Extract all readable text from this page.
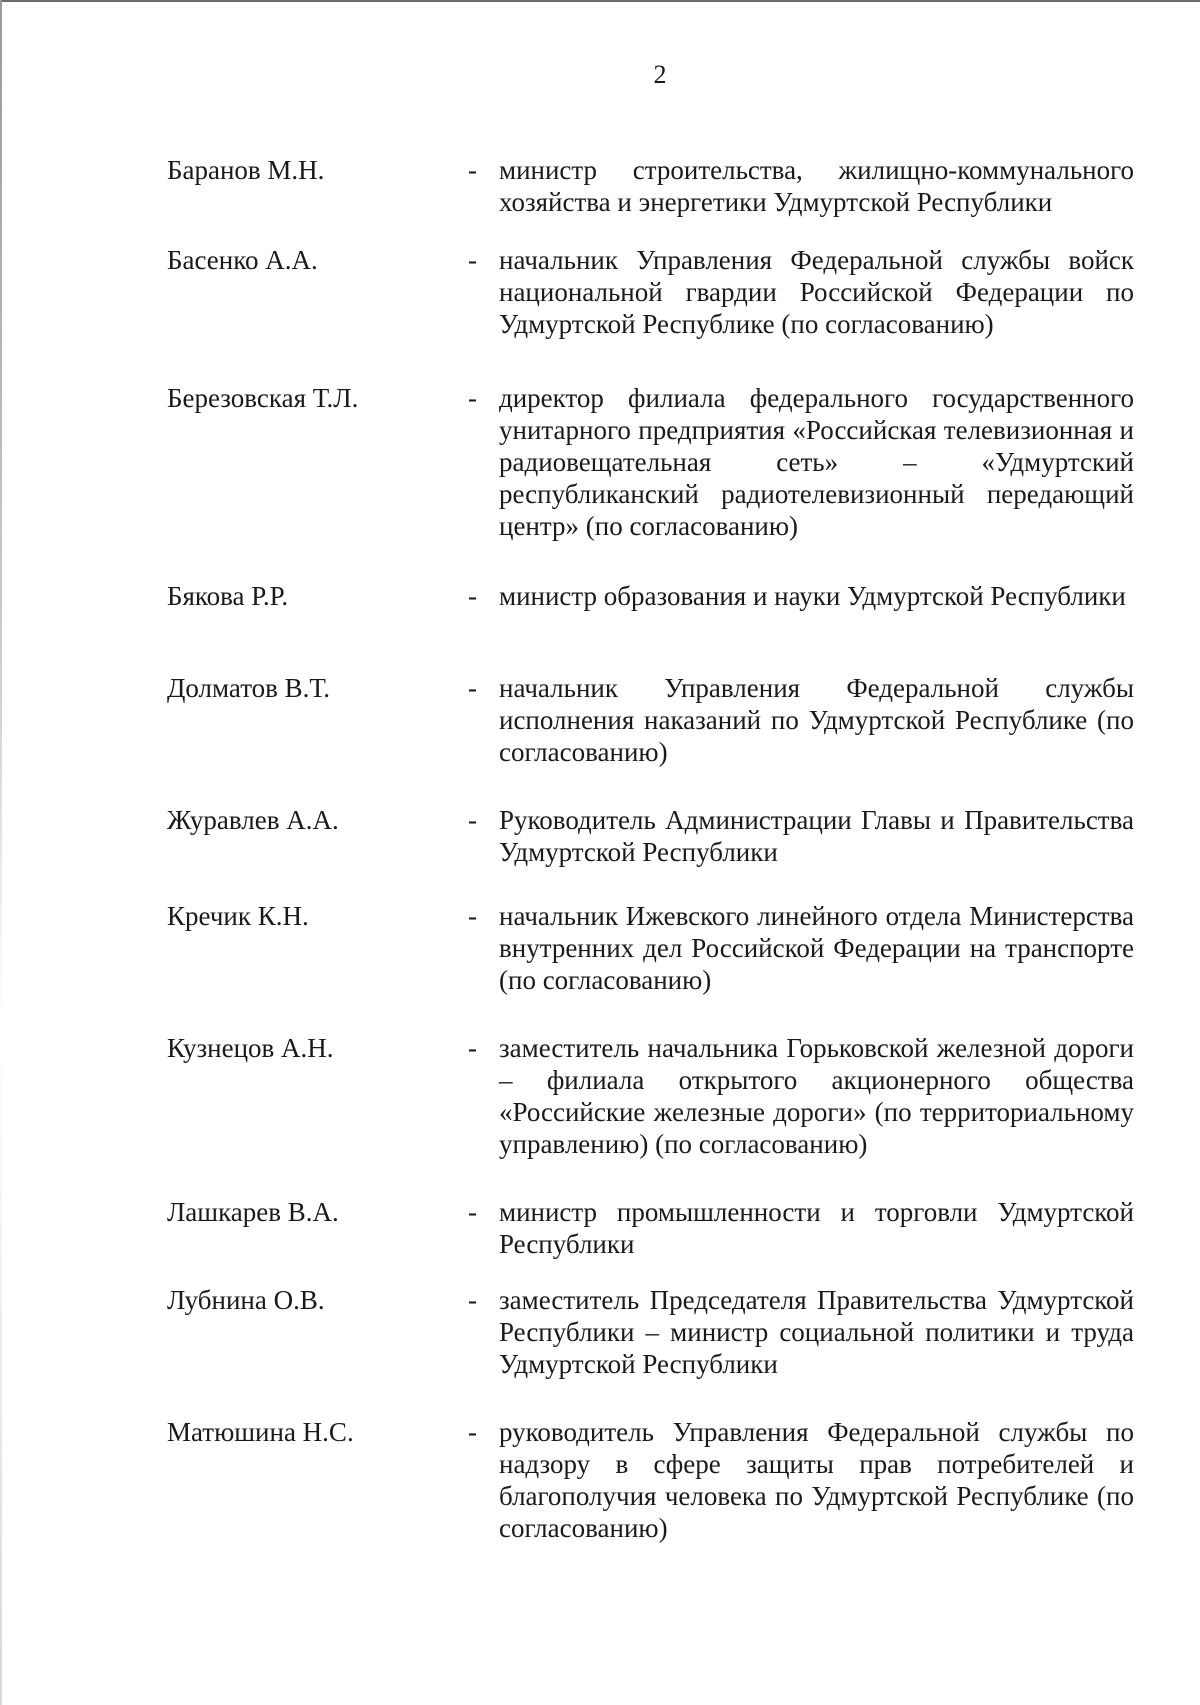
2
Баранов М.Н.	- министр строительства, жилищно-коммунального хозяйства и энергетики Удмуртской Республики
Басенко А.А.	- начальник Управления Федеральной службы войск национальной гвардии Российской Федерации по Удмуртской Республике (по согласованию)
Березовская Т.Л.	- директор филиала федерального государственного унитарного предприятия «Российская телевизионная и радиовещательная сеть» – «Удмуртский республиканский радиотелевизионный передающий центр» (по согласованию)
Бякова Р.Р.	- министр образования и науки Удмуртской Республики
Долматов В.Т.	- начальник Управления Федеральной службы исполнения наказаний по Удмуртской Республике (по согласованию)
Журавлев А.А.	- Руководитель Администрации Главы и Правительства Удмуртской Республики
Кречик К.Н.	- начальник Ижевского линейного отдела Министерства внутренних дел Российской Федерации на транспорте (по согласованию)
Кузнецов А.Н.	- заместитель начальника Горьковской железной дороги – филиала открытого акционерного общества «Российские железные дороги» (по территориальному управлению) (по согласованию)
Лашкарев В.А.	- министр промышленности и торговли Удмуртской Республики
Лубнина О.В.	- заместитель Председателя Правительства Удмуртской Республики – министр социальной политики и труда Удмуртской Республики
Матюшина Н.С.	- руководитель Управления Федеральной службы по надзору в сфере защиты прав потребителей и благополучия человека по Удмуртской Республике (по согласованию)
